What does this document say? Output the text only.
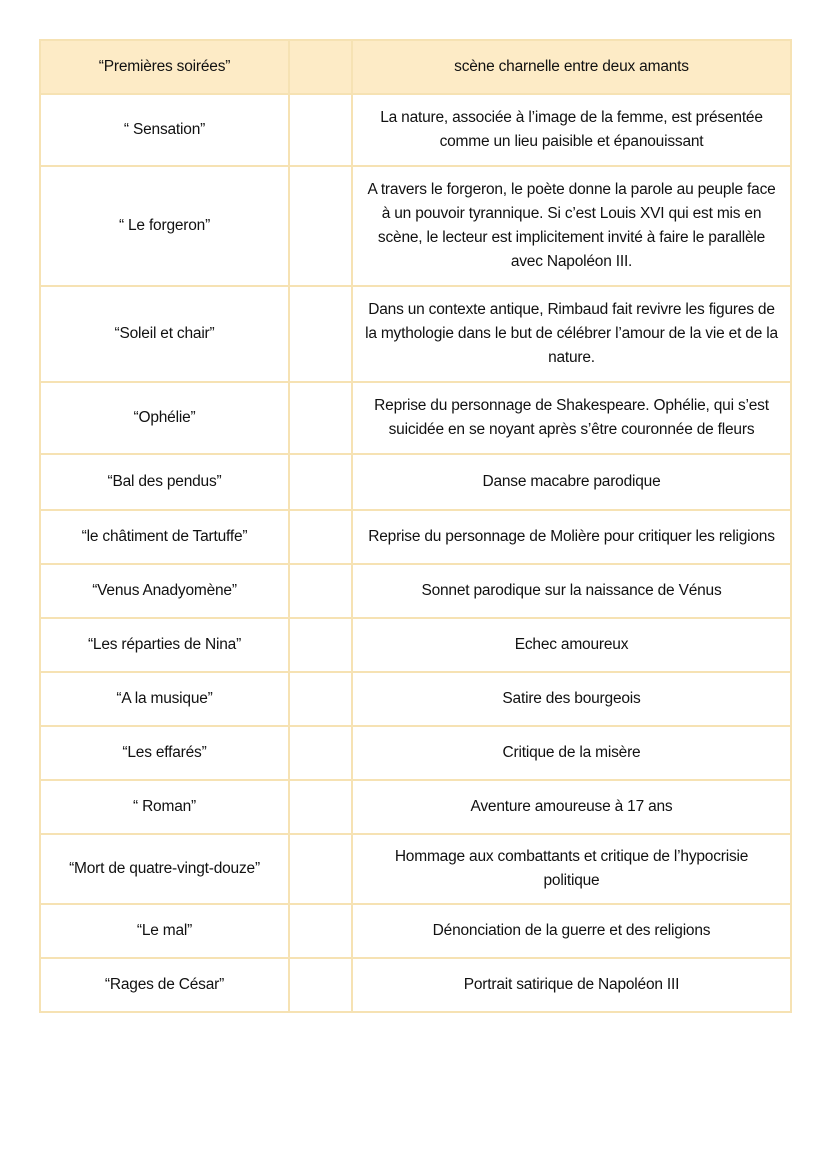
“Premières soirées”		scène charnelle entre deux amants
“ Sensation”		La nature, associée à l’image de la femme, est présentée comme un lieu paisible et épanouissant
“ Le forgeron”		A travers le forgeron, le poète donne la parole au peuple face à un pouvoir tyrannique. Si c’est Louis XVI qui est mis en scène, le lecteur est implicitement invité à faire le parallèle avec Napoléon III.
“Soleil et chair”		Dans un contexte antique, Rimbaud fait revivre les figures de la mythologie dans le but de célébrer l’amour de la vie et de la nature.
“Ophélie”		Reprise du personnage de Shakespeare. Ophélie, qui s’est suicidée en se noyant après s’être couronnée de fleurs
“Bal des pendus”		Danse macabre parodique
“le châtiment de Tartuffe”		Reprise du personnage de Molière pour critiquer les religions
“Venus Anadyomène”		Sonnet parodique sur la naissance de Vénus
“Les réparties de Nina”		Echec amoureux
“A la musique”		Satire des bourgeois
“Les effarés”		Critique de la misère
“ Roman”		Aventure amoureuse à 17 ans
“Mort de quatre-vingt-douze”		Hommage aux combattants et critique de l’hypocrisie politique
“Le mal”		Dénonciation de la guerre et des religions
“Rages de César”		Portrait satirique de Napoléon III
